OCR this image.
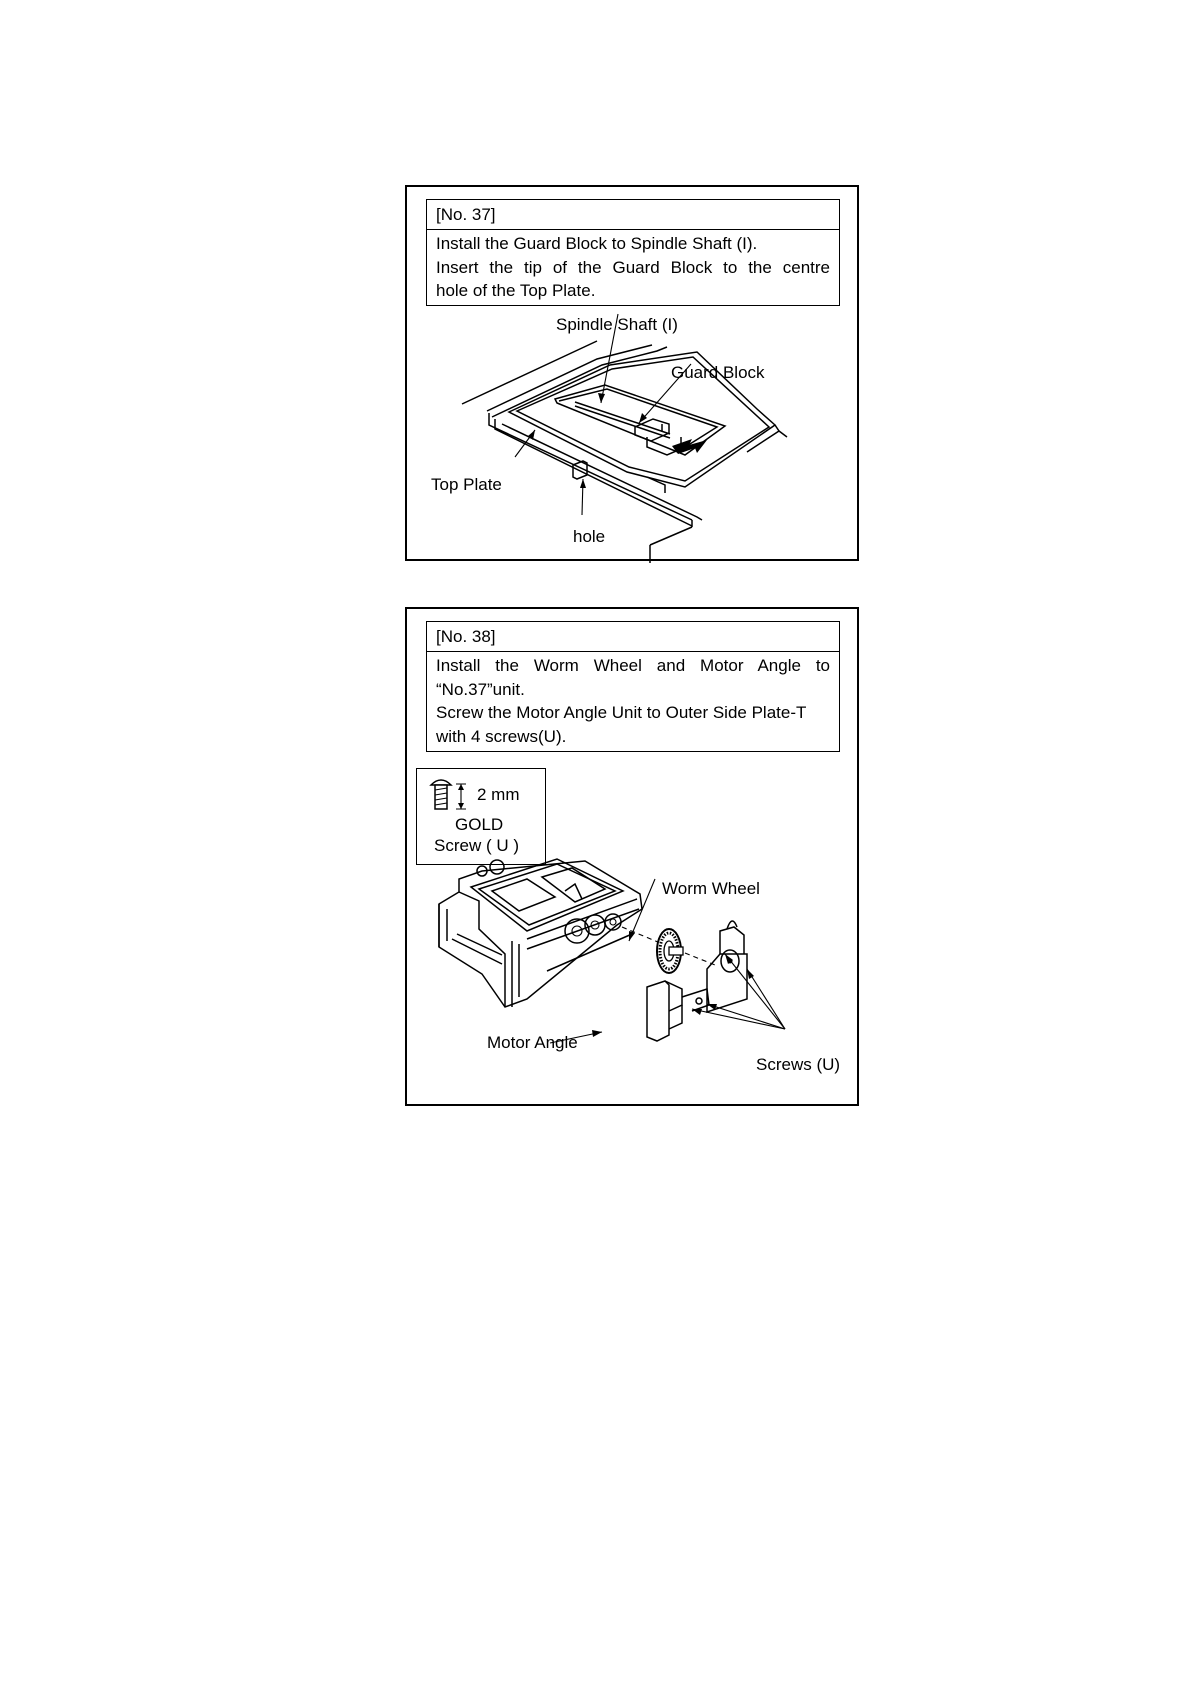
[No. 37]
Install the Guard Block to Spindle Shaft (I).
Insert the tip of the Guard Block to the centre
hole of the Top Plate.
Spindle Shaft (I)
Guard Block
Top Plate
hole
[No. 38]
Install the Worm Wheel and Motor Angle to
“No.37”unit.
Screw the Motor Angle Unit to Outer Side Plate-T
with 4 screws(U).
2 mm
GOLD
Screw ( U )
Worm Wheel
Motor Angle
Screws (U)
